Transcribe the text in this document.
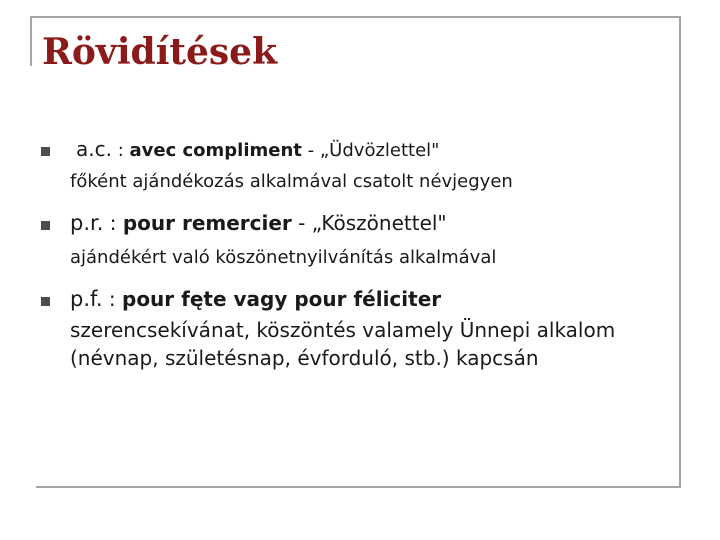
Rövidítések
a.c. : avec compliment - „Üdvözlettel"
főként ajándékozás alkalmával csatolt névjegyen
p.r. : pour remercier - „Köszönettel"
ajándékért való köszönetnyilvánítás alkalmával
p.f. : pour fęte vagy pour féliciter
szerencsekívánat, köszöntés valamely Ünnepi alkalom (névnap, születésnap, évforduló, stb.) kapcsán
